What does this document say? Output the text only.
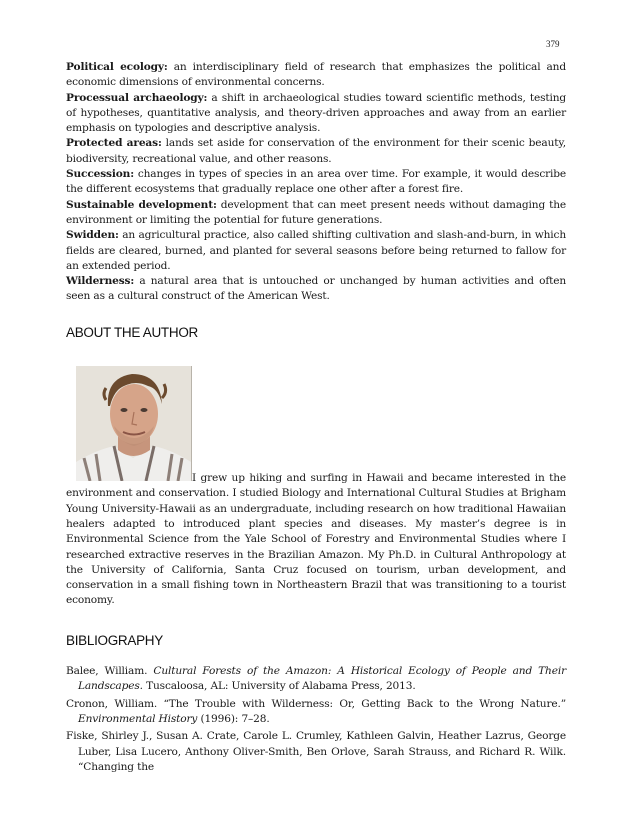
379

Political ecology: an interdisciplinary field of research that emphasizes the political and economic dimensions of environmental concerns.

Processual archaeology: a shift in archaeological studies toward scientific methods, testing of hypotheses, quantitative analysis, and theory-driven approaches and away from an earlier emphasis on typologies and descriptive analysis.

Protected areas: lands set aside for conservation of the environment for their scenic beauty, biodiversity, recreational value, and other reasons.

Succession: changes in types of species in an area over time. For example, it would describe the different ecosystems that gradually replace one other after a forest fire.

Sustainable development: development that can meet present needs without damaging the environment or limiting the potential for future generations.

Swidden: an agricultural practice, also called shifting cultivation and slash-and-burn, in which fields are cleared, burned, and planted for several seasons before being returned to fallow for an extended period.

Wilderness: a natural area that is untouched or unchanged by human activities and often seen as a cultural construct of the American West.

ABOUT THE AUTHOR
I grew up hiking and surfing in Hawaii and became interested in the environment and conservation. I studied Biology and International Cultural Studies at Brigham Young University-Hawaii as an undergraduate, including research on how traditional Hawaiian healers adapted to introduced plant species and diseases. My master’s degree is in Environmental Science from the Yale School of Forestry and Environmental Studies where I researched extractive reserves in the Brazilian Amazon. My Ph.D. in Cultural Anthropology at the University of California, Santa Cruz focused on tourism, urban development, and conservation in a small fishing town in Northeastern Brazil that was transitioning to a tourist economy.
BIBLIOGRAPHY

Balee, William. Cultural Forests of the Amazon: A Historical Ecology of People and Their Landscapes. Tuscaloosa, AL: University of Alabama Press, 2013.

Cronon, William. “The Trouble with Wilderness: Or, Getting Back to the Wrong Nature.” Environmental History (1996): 7–28.

Fiske, Shirley J., Susan A. Crate, Carole L. Crumley, Kathleen Galvin, Heather Lazrus, George Luber, Lisa Lucero, Anthony Oliver-Smith, Ben Orlove, Sarah Strauss, and Richard R. Wilk. “Changing the
